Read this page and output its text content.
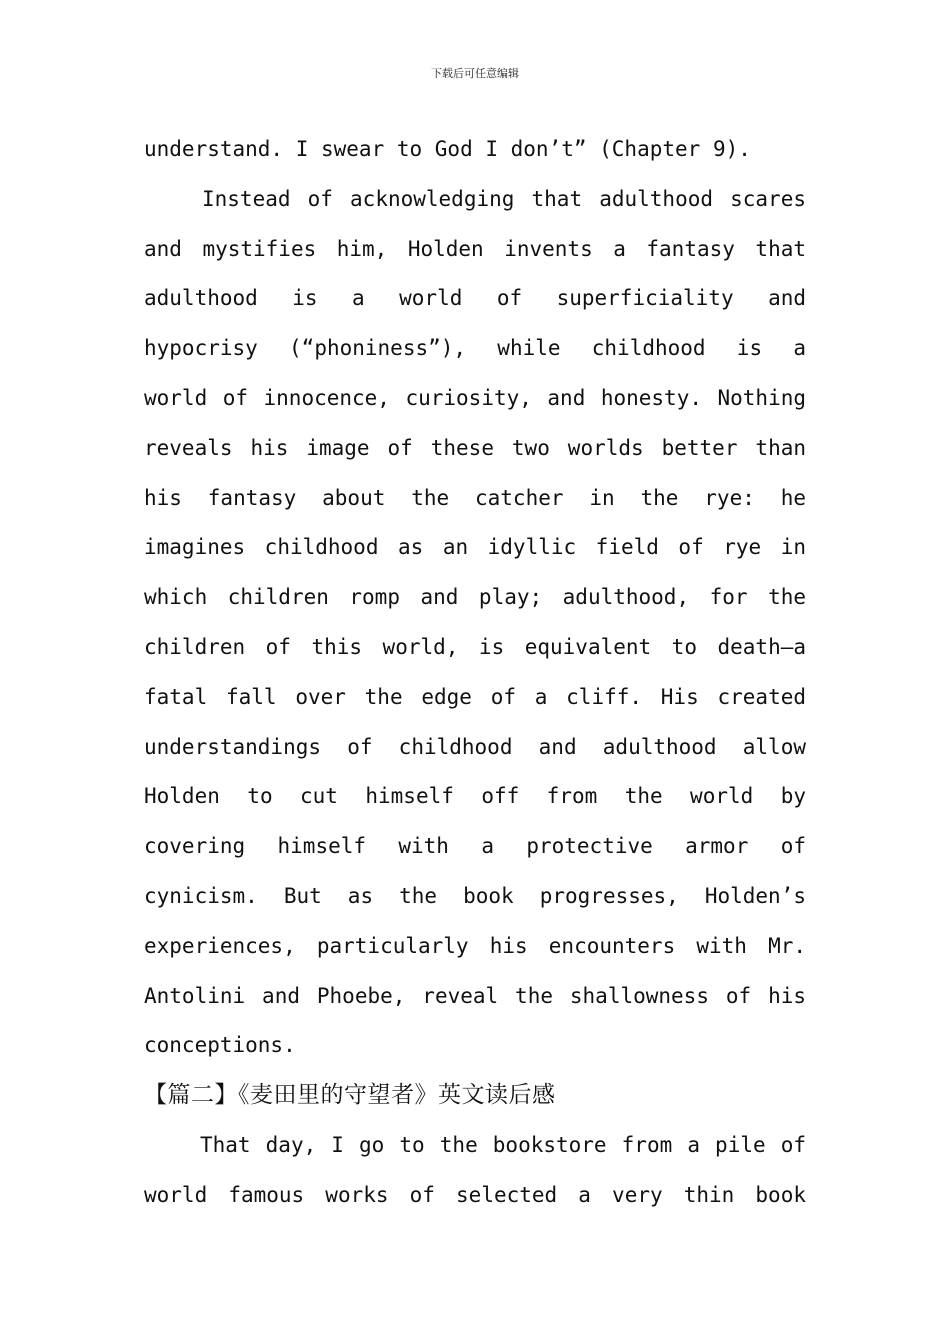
下载后可任意编辑
understand. I swear to God I don’t” (Chapter 9).
Instead of acknowledging that adulthood scares
and mystifies him, Holden invents a fantasy that
adulthood is a world of superficiality and
hypocrisy (“phoniness”), while childhood is a
world of innocence, curiosity, and honesty. Nothing
reveals his image of these two worlds better than
his fantasy about the catcher in the rye: he
imagines childhood as an idyllic field of rye in
which children romp and play; adulthood, for the
children of this world, is equivalent to death—a
fatal fall over the edge of a cliff. His created
understandings of childhood and adulthood allow
Holden to cut himself off from the world by
covering himself with a protective armor of
cynicism. But as the book progresses, Holden’s
experiences, particularly his encounters with Mr.
Antolini and Phoebe, reveal the shallowness of his
conceptions.
【篇二】《麦田里的守望者》英文读后感
That day, I go to the bookstore from a pile of
world famous works of selected a very thin book
